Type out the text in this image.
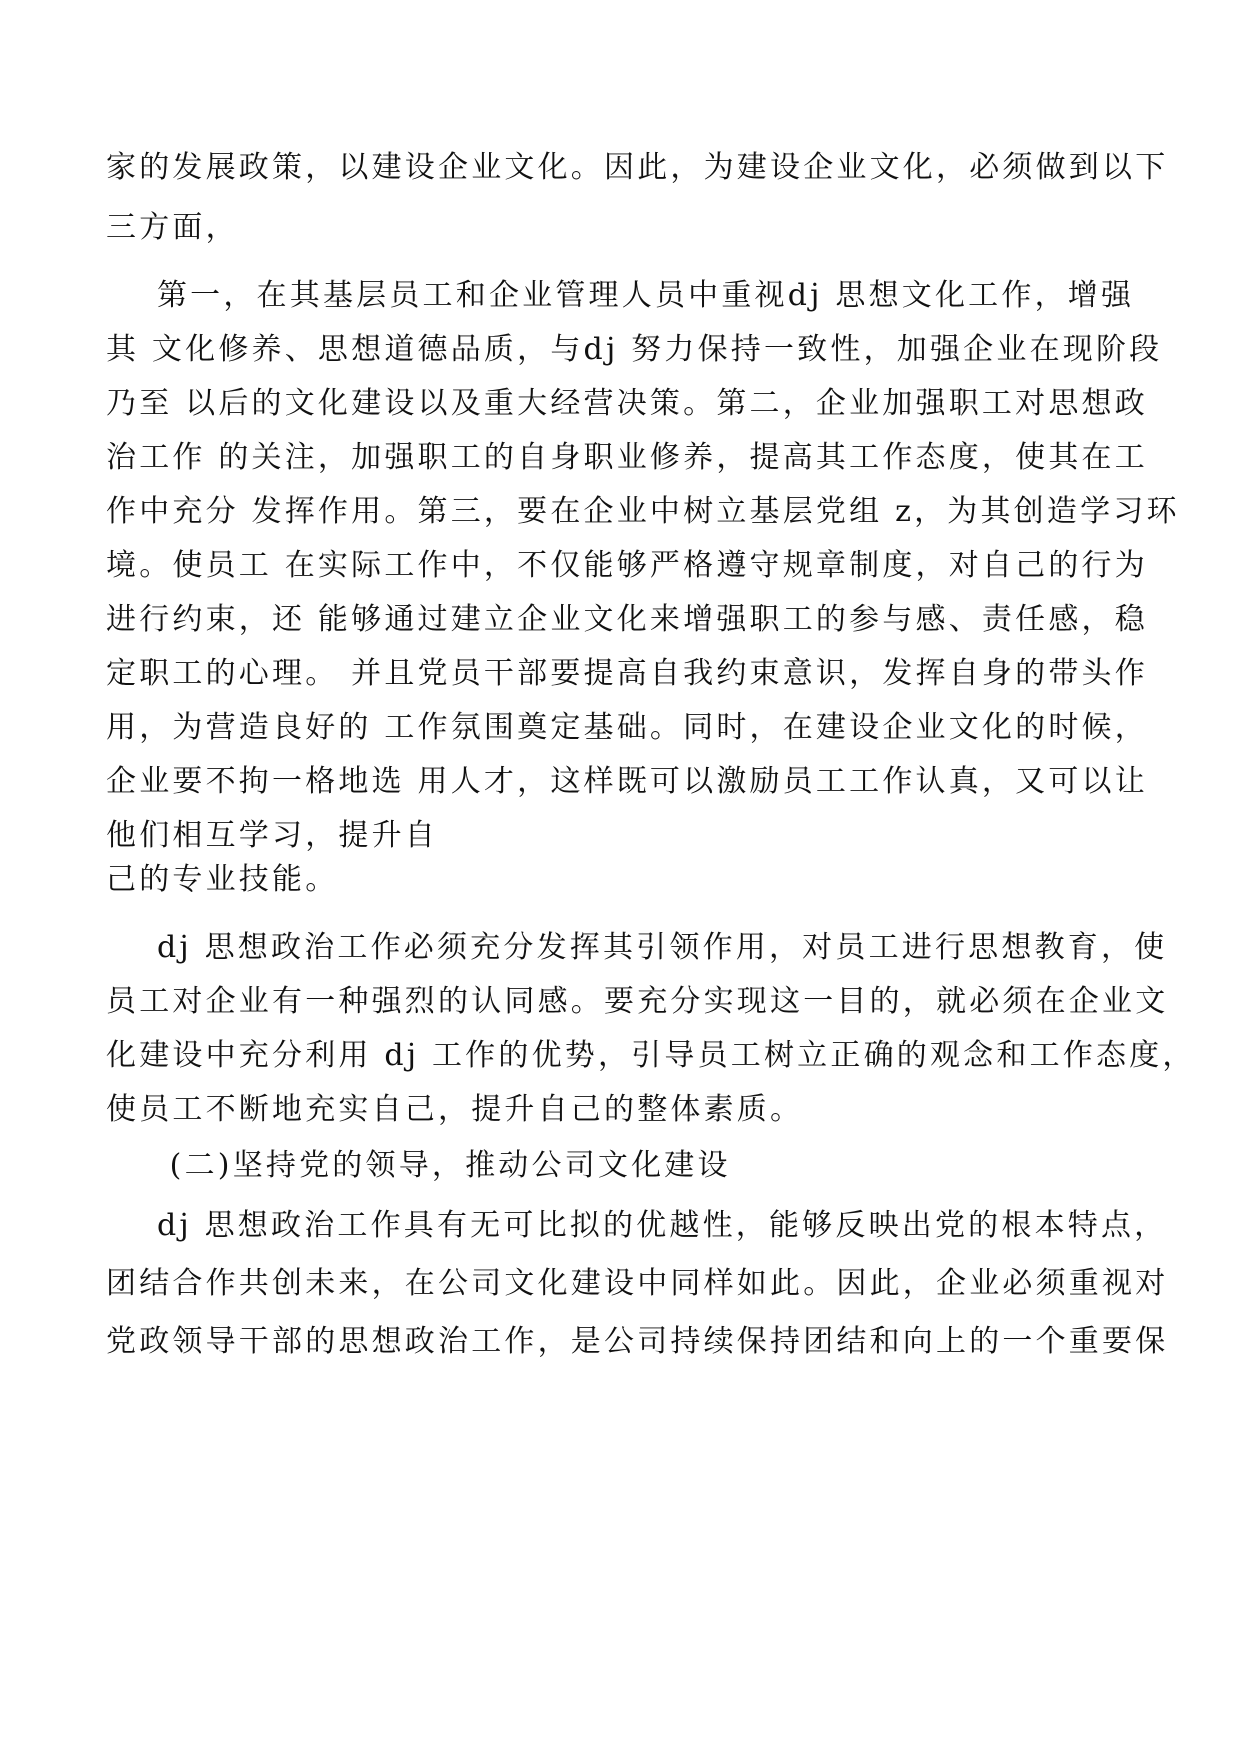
家的发展政策，以建设企业文化。因此，为建设企业文化，必须做到以下
三方面，
第一，在其基层员工和企业管理人员中重视dj 思想文化工作，增强
其 文化修养、思想道德品质，与dj 努力保持一致性，加强企业在现阶段
乃至 以后的文化建设以及重大经营决策。第二，企业加强职工对思想政
治工作 的关注，加强职工的自身职业修养，提高其工作态度，使其在工
作中充分 发挥作用。第三，要在企业中树立基层党组 z，为其创造学习环
境。使员工 在实际工作中，不仅能够严格遵守规章制度，对自己的行为
进行约束，还 能够通过建立企业文化来增强职工的参与感、责任感，稳
定职工的心理。 并且党员干部要提高自我约束意识，发挥自身的带头作
用，为营造良好的 工作氛围奠定基础。同时，在建设企业文化的时候，
企业要不拘一格地选 用人才，这样既可以激励员工工作认真，又可以让
他们相互学习，提升自
己的专业技能。
dj 思想政治工作必须充分发挥其引领作用，对员工进行思想教育，使
员工对企业有一种强烈的认同感。要充分实现这一目的，就必须在企业文
化建设中充分利用 dj 工作的优势，引导员工树立正确的观念和工作态度，
使员工不断地充实自己，提升自己的整体素质。
(二)坚持党的领导，推动公司文化建设
dj 思想政治工作具有无可比拟的优越性，能够反映出党的根本特点，
团结合作共创未来，在公司文化建设中同样如此。因此，企业必须重视对
党政领导干部的思想政治工作，是公司持续保持团结和向上的一个重要保
